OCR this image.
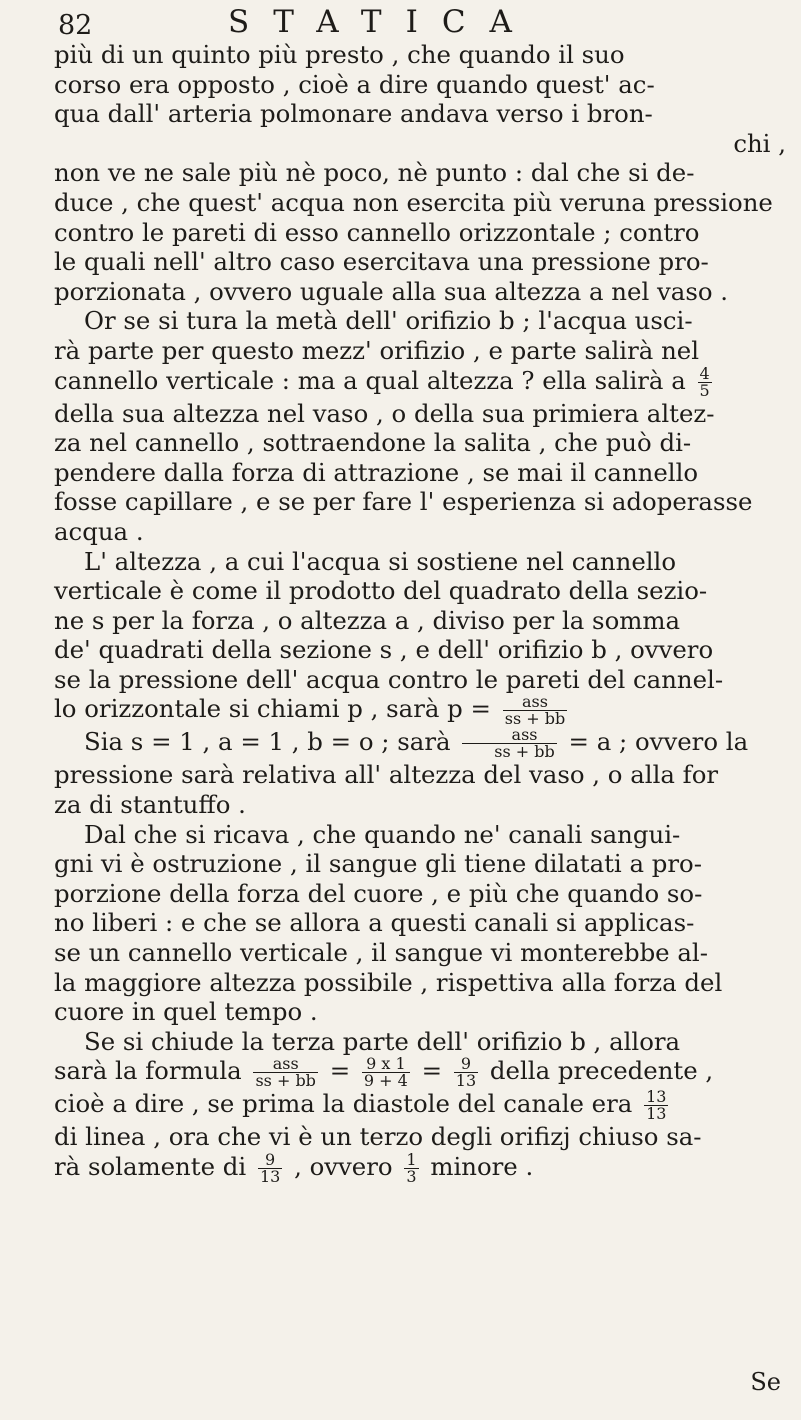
82	STATICA

più di un quinto più presto , che quando il suo

corso era opposto , cioè a dire quando quest' ac-

qua dall' arteria polmonare andava verso i bron-

chi ,

non ve ne sale più nè poco, nè punto : dal che si de-

duce , che quest' acqua non esercita più veruna pressione

contro le pareti di esso cannello orizzontale ; contro

le quali nell' altro caso esercitava una pressione pro-

porzionata , ovvero uguale alla sua altezza a nel vaso .

Or se si tura la metà dell' orifizio b ; l'acqua usci-

rà parte per questo mezz' orifizio , e parte salirà nel

cannello verticale : ma a qual altezza ? ella salirà a $\frac{4}{5}$

della sua altezza nel vaso , o della sua primiera altez-

za nel cannello , sottraendone la salita , che può di-

pendere dalla forza di attrazione , se mai il cannello

fosse capillare , e se per fare l' esperienza si adoperasse

acqua .

L' altezza , a cui l'acqua si sostiene nel cannello

verticale è come il prodotto del quadrato della sezio-

ne s per la forza , o altezza a , diviso per la somma

de' quadrati della sezione s , e dell' orifizio b , ovvero

se la pressione dell' acqua contro le pareti del cannel-

lo orizzontale si chiami p , sarà $p = \frac{\text{ass}}{ss + bb}$

Sia s = 1 , a = 1 , b = o ; sarà $\frac{\text{ass}}{ss + bb} = a$ ; ovvero la

pressione sarà relativa all' altezza del vaso , o alla for

za di stantuffo .

Dal che si ricava , che quando ne' canali sangui-

gni vi è ostruzione , il sangue gli tiene dilatati a pro-

porzione della forza del cuore , e più che quando so-

no liberi : e che se allora a questi canali si applicas-

se un cannello verticale , il sangue vi monterebbe al-

la maggiore altezza possibile , rispettiva alla forza del

cuore in quel tempo .

Se si chiude la terza parte dell' orifizio b , allora

sarà la formula $\frac{\text{ass}}{ss + bb} = \frac{9 x 1}{9 + 4} = \frac{9}{13}$ della precedente ,

cioè a dire , se prima la diastole del canale era $\frac{13}{13}$

di linea , ora che vi è un terzo degli orifizj chiuso sa-

rà solamente di $\frac{9}{13}$ , ovvero $\frac{1}{3}$ minore .

Se
